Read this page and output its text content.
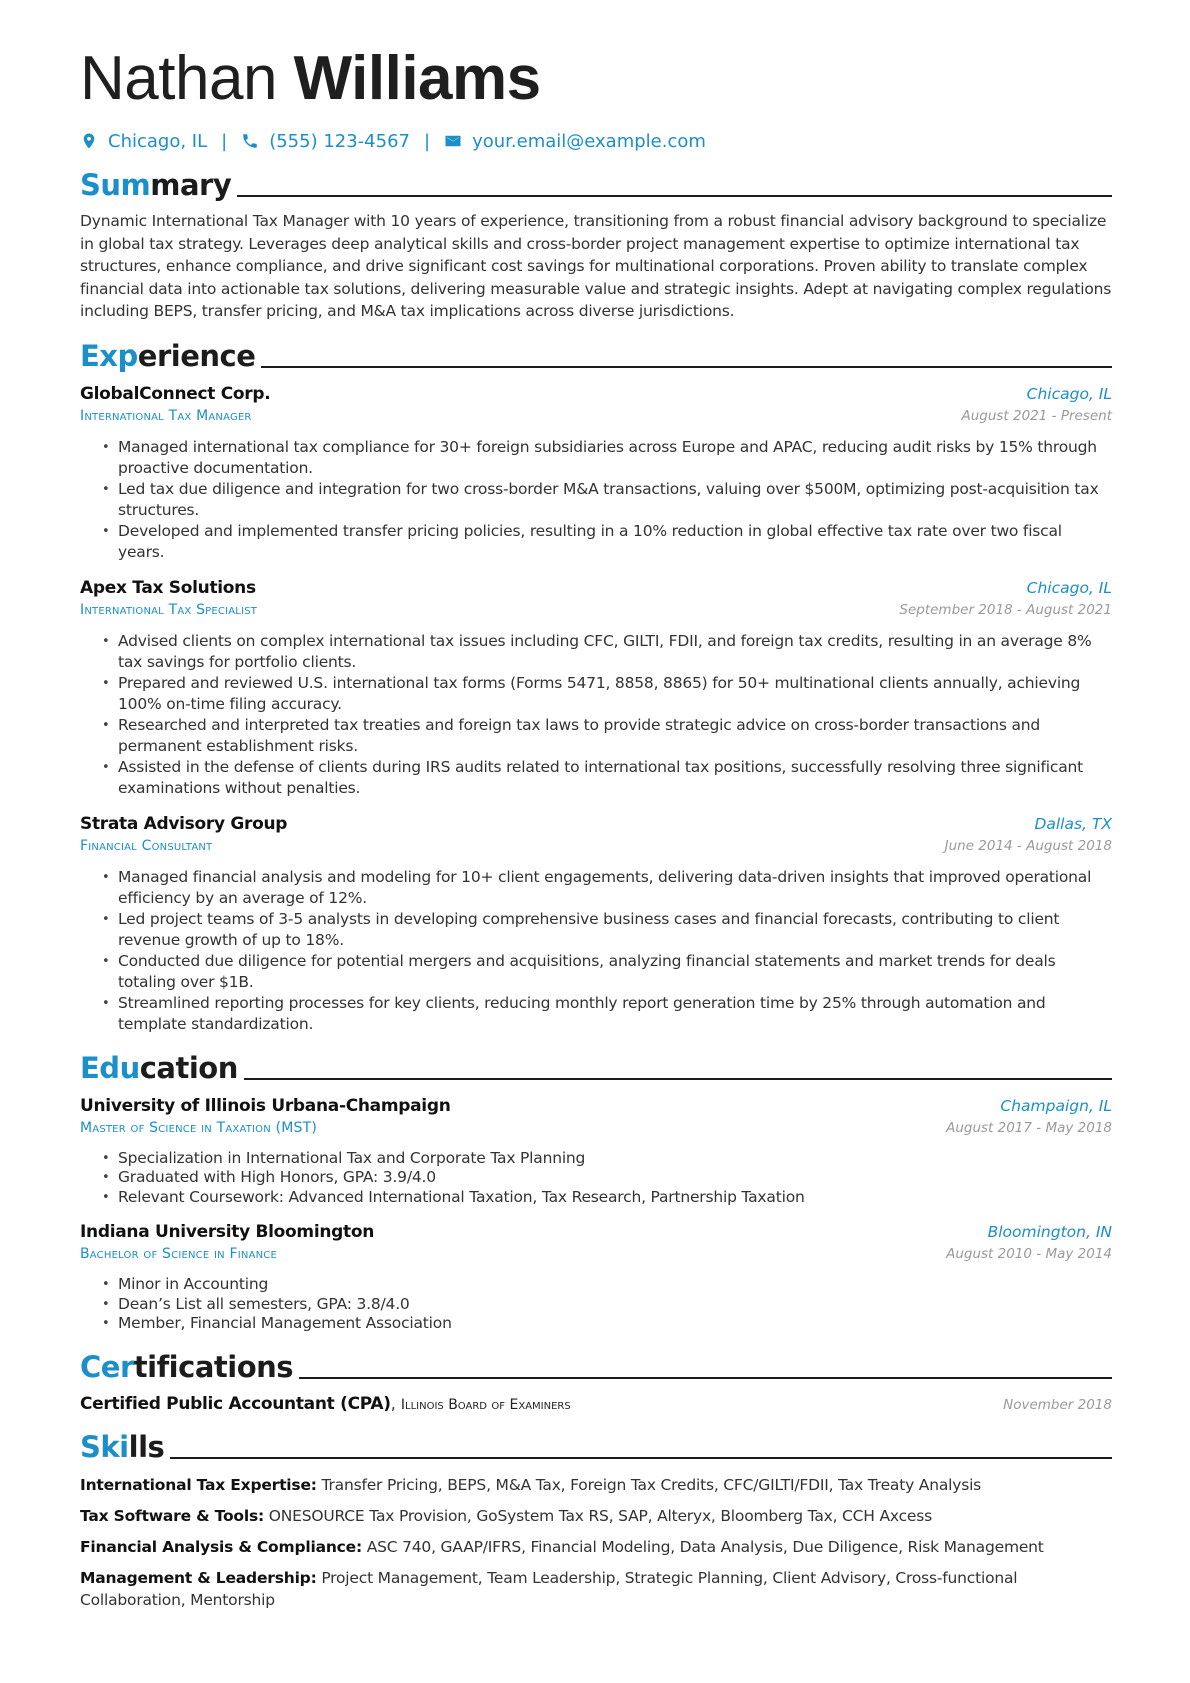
Nathan Williams
Chicago, IL | (555) 123-4567 | your.email@example.com
Summary

Dynamic International Tax Manager with 10 years of experience, transitioning from a robust financial advisory background to specialize in global tax strategy. Leverages deep analytical skills and cross-border project management expertise to optimize international tax structures, enhance compliance, and drive significant cost savings for multinational corporations. Proven ability to translate complex financial data into actionable tax solutions, delivering measurable value and strategic insights. Adept at navigating complex regulations including BEPS, transfer pricing, and M&A tax implications across diverse jurisdictions.

Experience
GlobalConnect Corp.	Chicago, IL
International Tax Manager	August 2021 - Present
• Managed international tax compliance for 30+ foreign subsidiaries across Europe and APAC, reducing audit risks by 15% through proactive documentation.
• Led tax due diligence and integration for two cross-border M&A transactions, valuing over $500M, optimizing post-acquisition tax structures.
• Developed and implemented transfer pricing policies, resulting in a 10% reduction in global effective tax rate over two fiscal years.
Apex Tax Solutions	Chicago, IL
International Tax Specialist	September 2018 - August 2021
• Advised clients on complex international tax issues including CFC, GILTI, FDII, and foreign tax credits, resulting in an average 8% tax savings for portfolio clients.
• Prepared and reviewed U.S. international tax forms (Forms 5471, 8858, 8865) for 50+ multinational clients annually, achieving 100% on-time filing accuracy.
• Researched and interpreted tax treaties and foreign tax laws to provide strategic advice on cross-border transactions and permanent establishment risks.
• Assisted in the defense of clients during IRS audits related to international tax positions, successfully resolving three significant examinations without penalties.
Strata Advisory Group	Dallas, TX
Financial Consultant	June 2014 - August 2018
• Managed financial analysis and modeling for 10+ client engagements, delivering data-driven insights that improved operational efficiency by an average of 12%.
• Led project teams of 3-5 analysts in developing comprehensive business cases and financial forecasts, contributing to client revenue growth of up to 18%.
• Conducted due diligence for potential mergers and acquisitions, analyzing financial statements and market trends for deals totaling over $1B.
• Streamlined reporting processes for key clients, reducing monthly report generation time by 25% through automation and template standardization.
Education
University of Illinois Urbana-Champaign	Champaign, IL
Master of Science in Taxation (MST)	August 2017 - May 2018
• Specialization in International Tax and Corporate Tax Planning
• Graduated with High Honors, GPA: 3.9/4.0
• Relevant Coursework: Advanced International Taxation, Tax Research, Partnership Taxation
Indiana University Bloomington	Bloomington, IN
Bachelor of Science in Finance	August 2010 - May 2014
• Minor in Accounting
• Dean’s List all semesters, GPA: 3.8/4.0
• Member, Financial Management Association
Certifications
Certified Public Accountant (CPA), Illinois Board of Examiners	November 2018
Skills

International Tax Expertise: Transfer Pricing, BEPS, M&A Tax, Foreign Tax Credits, CFC/GILTI/FDII, Tax Treaty Analysis

Tax Software & Tools: ONESOURCE Tax Provision, GoSystem Tax RS, SAP, Alteryx, Bloomberg Tax, CCH Axcess

Financial Analysis & Compliance: ASC 740, GAAP/IFRS, Financial Modeling, Data Analysis, Due Diligence, Risk Management

Management & Leadership: Project Management, Team Leadership, Strategic Planning, Client Advisory, Cross-functional Collaboration, Mentorship
